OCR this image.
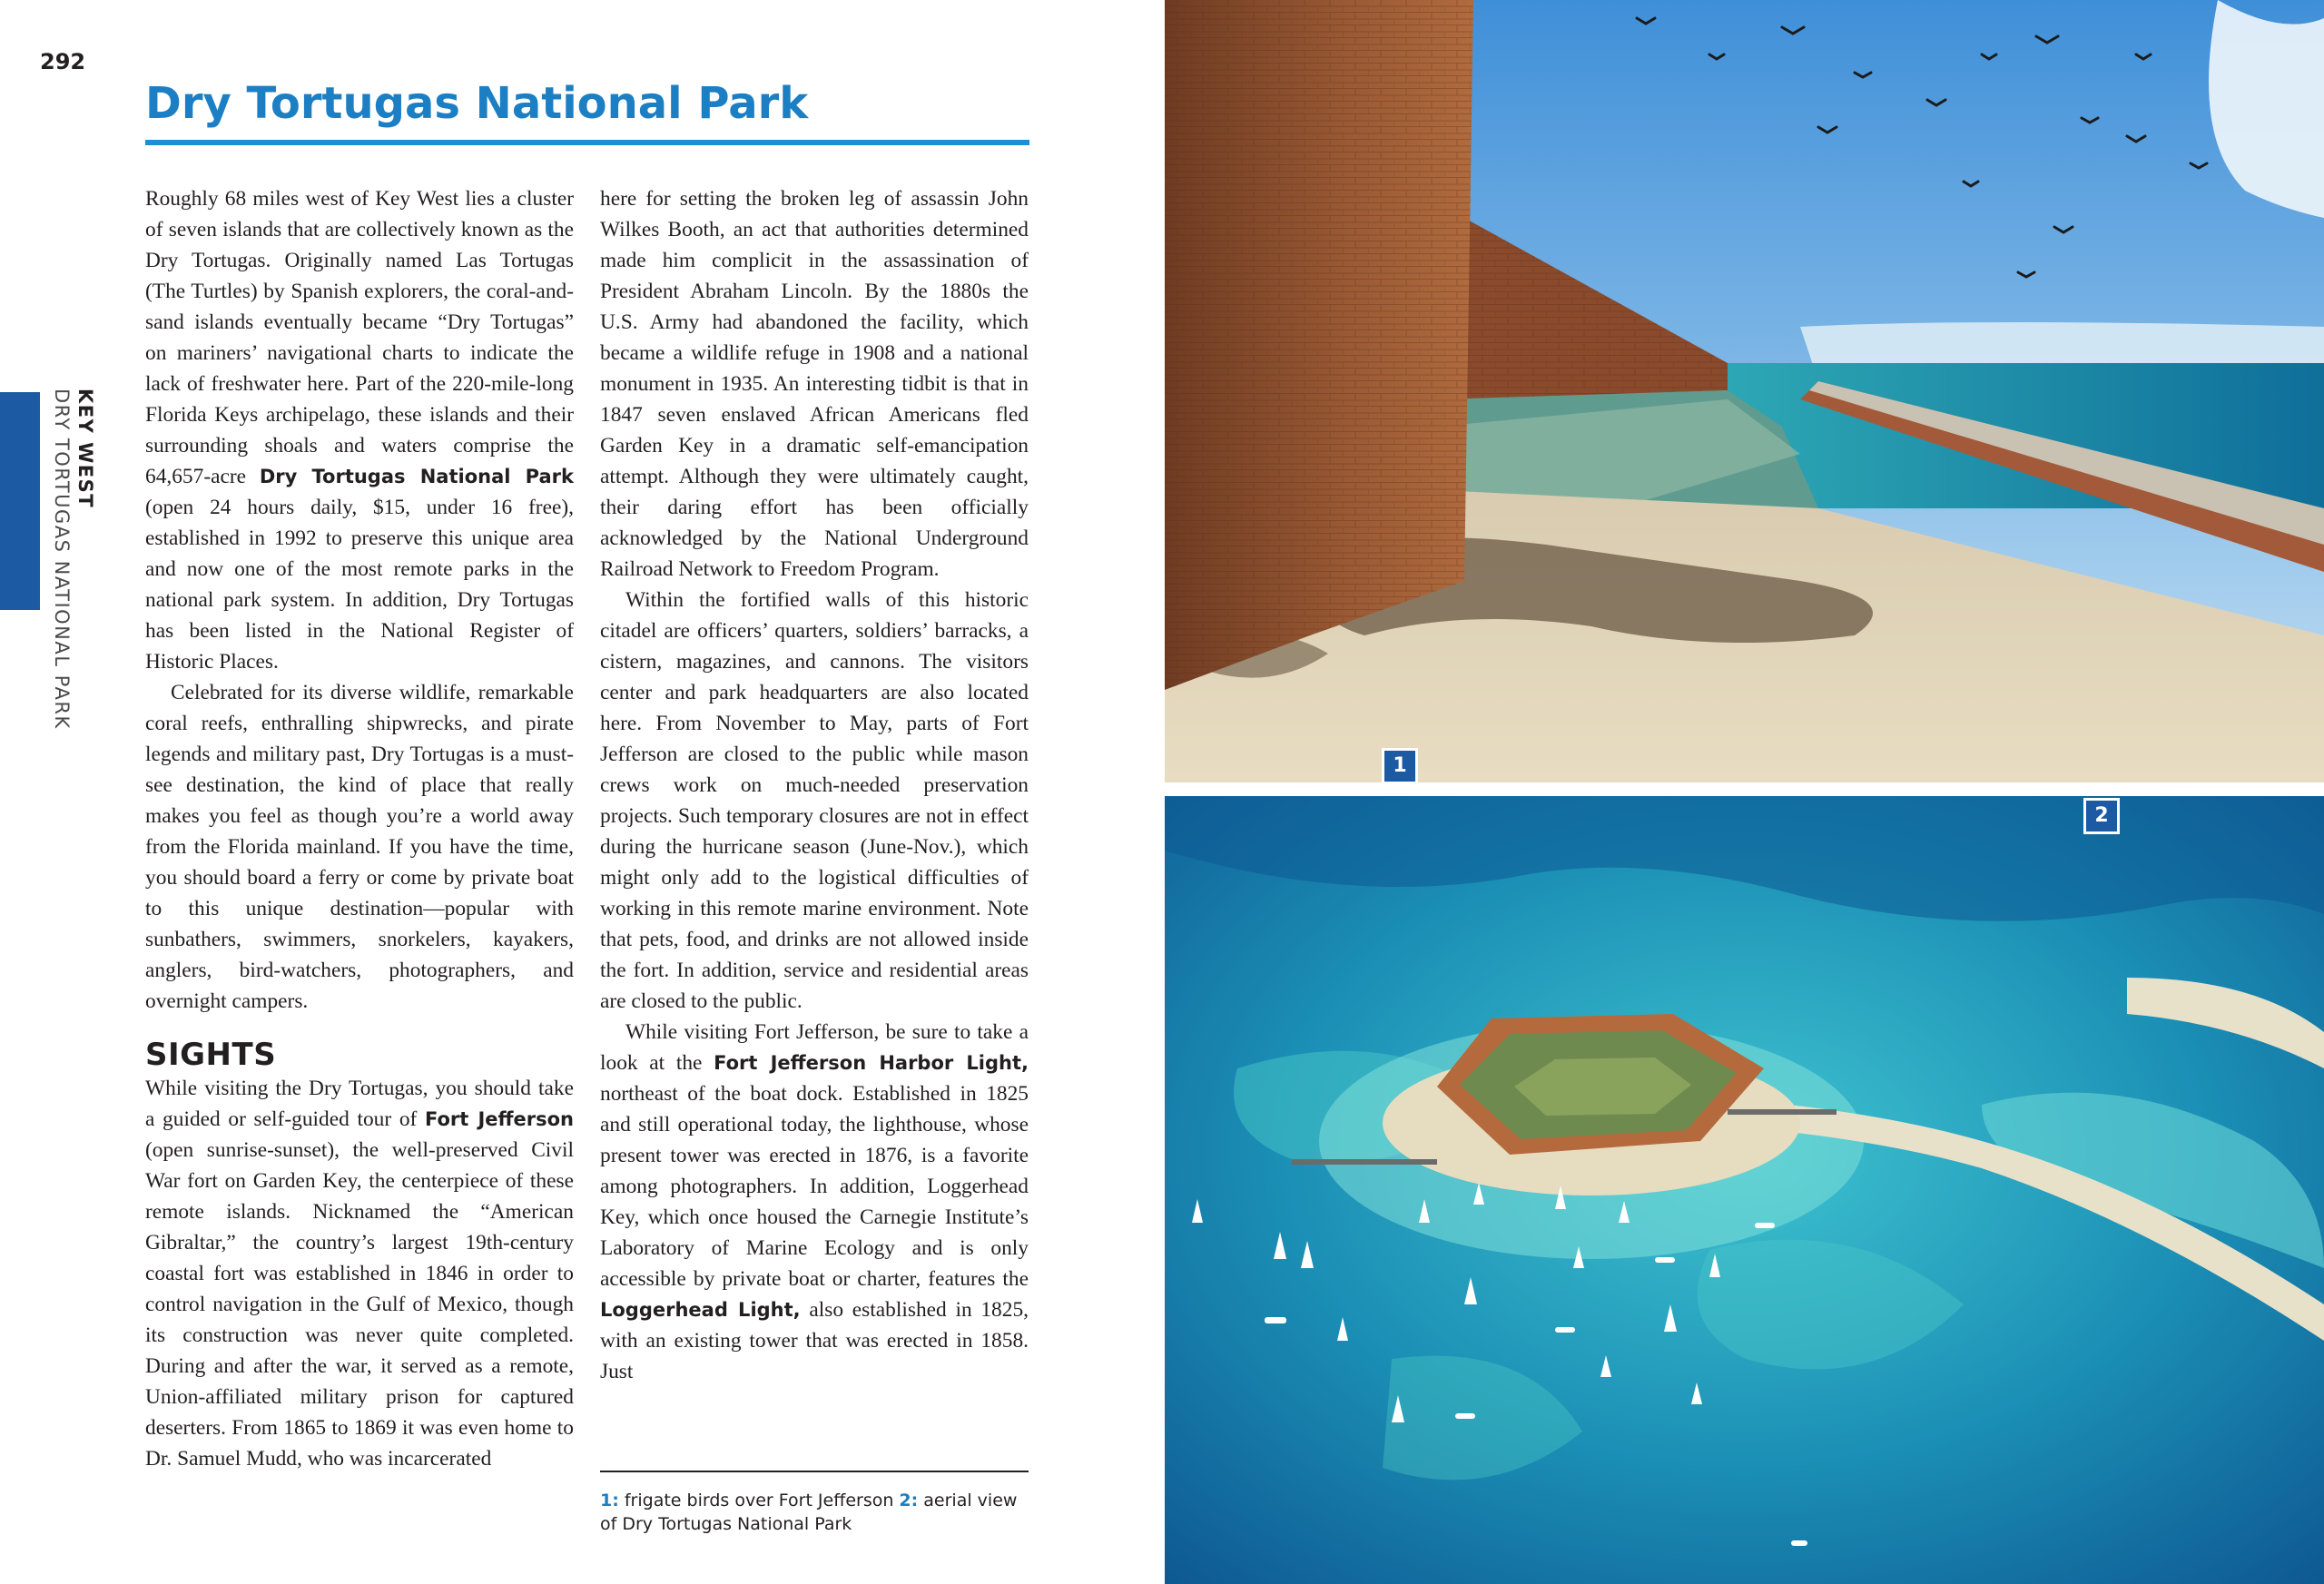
292
KEY WEST
DRY TORTUGAS NATIONAL PARK
Dry Tortugas National Park

Roughly 68 miles west of Key West lies a cluster of seven islands that are collectively known as the Dry Tortugas. Originally named Las Tortugas (The Turtles) by Spanish explorers, the coral-and-sand islands eventually became “Dry Tortugas” on mariners’ navigational charts to indicate the lack of freshwater here. Part of the 220-mile-long Florida Keys archipelago, these islands and their surrounding shoals and waters comprise the 64,657-acre Dry Tortugas National Park (open 24 hours daily, $15, under 16 free), established in 1992 to preserve this unique area and now one of the most remote parks in the national park system. In addition, Dry Tortugas has been listed in the National Register of Historic Places.

Celebrated for its diverse wildlife, remarkable coral reefs, enthralling shipwrecks, and pirate legends and military past, Dry Tortugas is a must-see destination, the kind of place that really makes you feel as though you’re a world away from the Florida mainland. If you have the time, you should board a ferry or come by private boat to this unique destination—popular with sunbathers, swimmers, snorkelers, kayakers, anglers, bird-watchers, photographers, and overnight campers.

SIGHTS

While visiting the Dry Tortugas, you should take a guided or self-guided tour of Fort Jefferson (open sunrise-sunset), the well-preserved Civil War fort on Garden Key, the centerpiece of these remote islands. Nicknamed the “American Gibraltar,” the country’s largest 19th-century coastal fort was established in 1846 in order to control navigation in the Gulf of Mexico, though its construction was never quite completed. During and after the war, it served as a remote, Union-affiliated military prison for captured deserters. From 1865 to 1869 it was even home to Dr. Samuel Mudd, who was incarcerated

here for setting the broken leg of assassin John Wilkes Booth, an act that authorities determined made him complicit in the assassination of President Abraham Lincoln. By the 1880s the U.S. Army had abandoned the facility, which became a wildlife refuge in 1908 and a national monument in 1935. An interesting tidbit is that in 1847 seven enslaved African Americans fled Garden Key in a dramatic self-emancipation attempt. Although they were ultimately caught, their daring effort has been officially acknowledged by the National Underground Railroad Network to Freedom Program.

Within the fortified walls of this historic citadel are officers’ quarters, soldiers’ barracks, a cistern, magazines, and cannons. The visitors center and park headquarters are also located here. From November to May, parts of Fort Jefferson are closed to the public while mason crews work on much-needed preservation projects. Such temporary closures are not in effect during the hurricane season (June-Nov.), which might only add to the logistical difficulties of working in this remote marine environment. Note that pets, food, and drinks are not allowed inside the fort. In addition, service and residential areas are closed to the public.

While visiting Fort Jefferson, be sure to take a look at the Fort Jefferson Harbor Light, northeast of the boat dock. Established in 1825 and still operational today, the lighthouse, whose present tower was erected in 1876, is a favorite among photographers. In addition, Loggerhead Key, which once housed the Carnegie Institute’s Laboratory of Marine Ecology and is only accessible by private boat or charter, features the Loggerhead Light, also established in 1825, with an existing tower that was erected in 1858. Just

1: frigate birds over Fort Jefferson 2: aerial view of Dry Tortugas National Park
1
2
